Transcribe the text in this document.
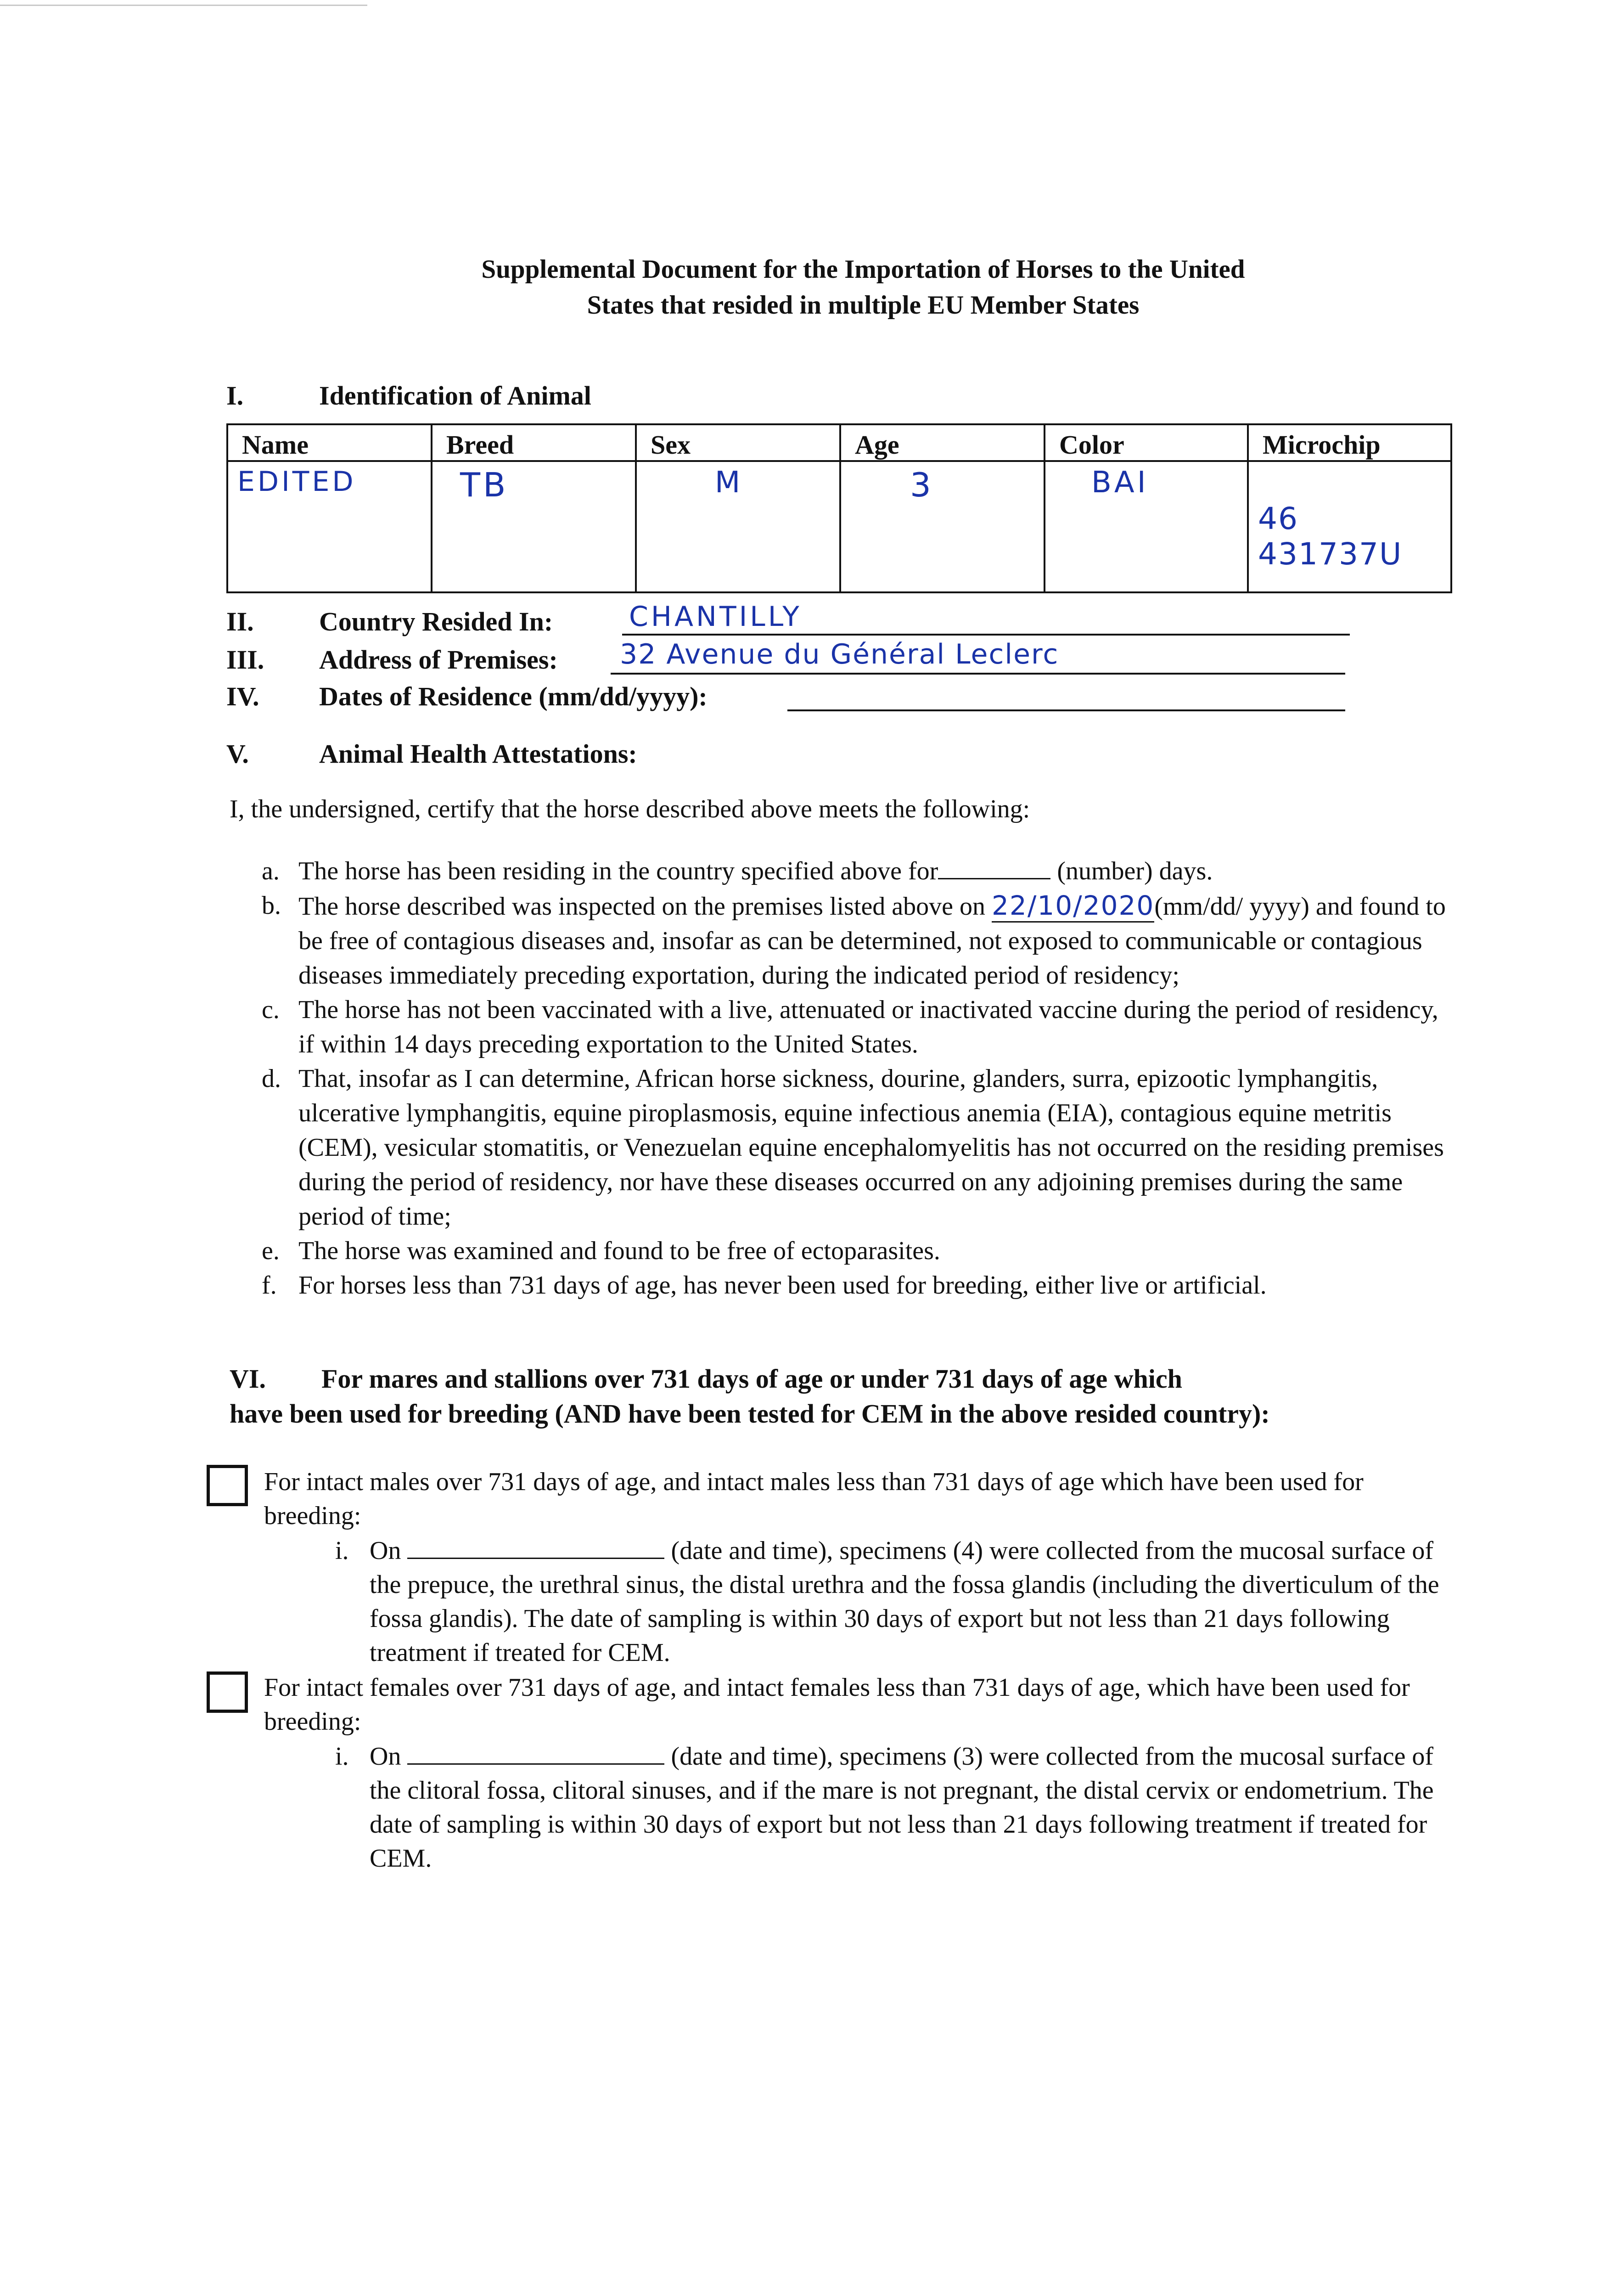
Supplemental Document for the Importation of Horses to the United
States that resided in multiple EU Member States
I.	Identification of Animal
Name	Breed	Sex	Age	Color	Microchip
EDITED	TB	M	3	BAI	46 431737U
II. Country Resided In:	CHANTILLY
III. Address of Premises: 32 Avenue du Général Leclerc
IV. Dates of Residence (mm/dd/yyyy):
V.	Animal Health Attestations:
I, the undersigned, certify that the horse described above meets the following:
a. The horse has been residing in the country specified above for	(number) days.
b. The horse described was inspected on the premises listed above on 22/10/2020(mm/dd/ yyyy) and found to be free of contagious diseases and, insofar as can be determined, not exposed to communicable or contagious diseases immediately preceding exportation, during the indicated period of residency;
c. The horse has not been vaccinated with a live, attenuated or inactivated vaccine during the period of residency, if within 14 days preceding exportation to the United States.
d. That, insofar as I can determine, African horse sickness, dourine, glanders, surra, epizootic lymphangitis, ulcerative lymphangitis, equine piroplasmosis, equine infectious anemia (EIA), contagious equine metritis (CEM), vesicular stomatitis, or Venezuelan equine encephalomyelitis has not occurred on the residing premises during the period of residency, nor have these diseases occurred on any adjoining premises during the same period of time;
e. The horse was examined and found to be free of ectoparasites.
f. For horses less than 731 days of age, has never been used for breeding, either live or artificial.
VI. For mares and stallions over 731 days of age or under 731 days of age which
have been used for breeding (AND have been tested for CEM in the above resided country):
For intact males over 731 days of age, and intact males less than 731 days of age which have been used for breeding:
i. On	(date and time), specimens (4) were collected from the mucosal surface of the prepuce, the urethral sinus, the distal urethra and the fossa glandis (including the diverticulum of the fossa glandis). The date of sampling is within 30 days of export but not less than 21 days following treatment if treated for CEM.
For intact females over 731 days of age, and intact females less than 731 days of age, which have been used for breeding:
i. On	(date and time), specimens (3) were collected from the mucosal surface of the clitoral fossa, clitoral sinuses, and if the mare is not pregnant, the distal cervix or endometrium. The date of sampling is within 30 days of export but not less than 21 days following treatment if treated for CEM.
